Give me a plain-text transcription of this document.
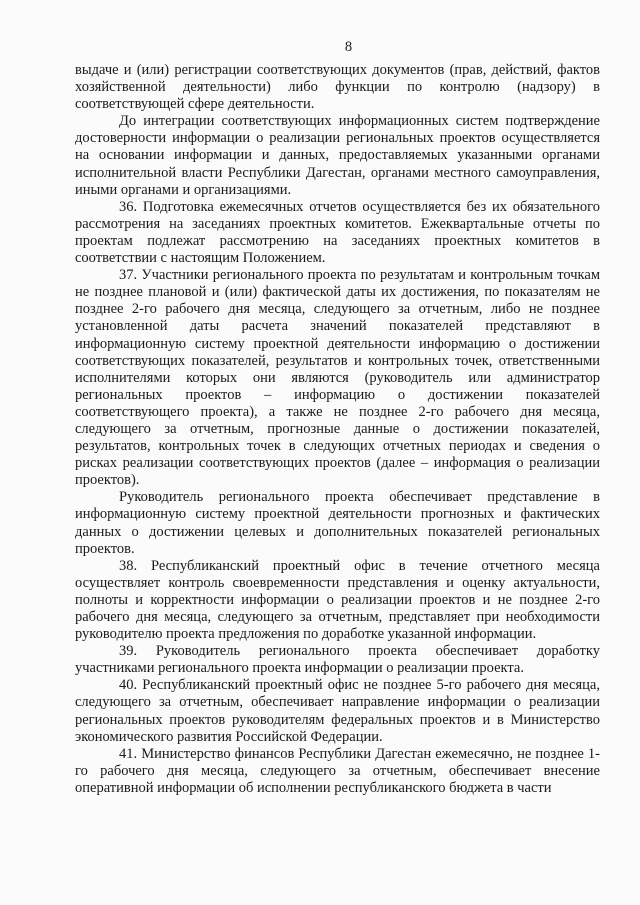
8

выдаче и (или) регистрации соответствующих документов (прав, действий, фактов хозяйственной деятельности) либо функции по контролю (надзору) в соответствующей сфере деятельности.

До интеграции соответствующих информационных систем подтверждение достоверности информации о реализации региональных проектов осуществляется на основании информации и данных, предоставляемых указанными органами исполнительной власти Республики Дагестан, органами местного самоуправления, иными органами и организациями.

36. Подготовка ежемесячных отчетов осуществляется без их обязательного рассмотрения на заседаниях проектных комитетов. Ежеквартальные отчеты по проектам подлежат рассмотрению на заседаниях проектных комитетов в соответствии с настоящим Положением.

37. Участники регионального проекта по результатам и контрольным точкам не позднее плановой и (или) фактической даты их достижения, по показателям не позднее 2-го рабочего дня месяца, следующего за отчетным, либо не позднее установленной даты расчета значений показателей представляют в информационную систему проектной деятельности информацию о достижении соответствующих показателей, результатов и контрольных точек, ответственными исполнителями которых они являются (руководитель или администратор региональных проектов – информацию о достижении показателей соответствующего проекта), а также не позднее 2-го рабочего дня месяца, следующего за отчетным, прогнозные данные о достижении показателей, результатов, контрольных точек в следующих отчетных периодах и сведения о рисках реализации соответствующих проектов (далее – информация о реализации проектов).

Руководитель регионального проекта обеспечивает представление в информационную систему проектной деятельности прогнозных и фактических данных о достижении целевых и дополнительных показателей региональных проектов.

38. Республиканский проектный офис в течение отчетного месяца осуществляет контроль своевременности представления и оценку актуальности, полноты и корректности информации о реализации проектов и не позднее 2-го рабочего дня месяца, следующего за отчетным, представляет при необходимости руководителю проекта предложения по доработке указанной информации.

39. Руководитель регионального проекта обеспечивает доработку участниками регионального проекта информации о реализации проекта.

40. Республиканский проектный офис не позднее 5-го рабочего дня месяца, следующего за отчетным, обеспечивает направление информации о реализации региональных проектов руководителям федеральных проектов и в Министерство экономического развития Российской Федерации.

41. Министерство финансов Республики Дагестан ежемесячно, не позднее 1-го рабочего дня месяца, следующего за отчетным, обеспечивает внесение оперативной информации об исполнении республиканского бюджета в части
